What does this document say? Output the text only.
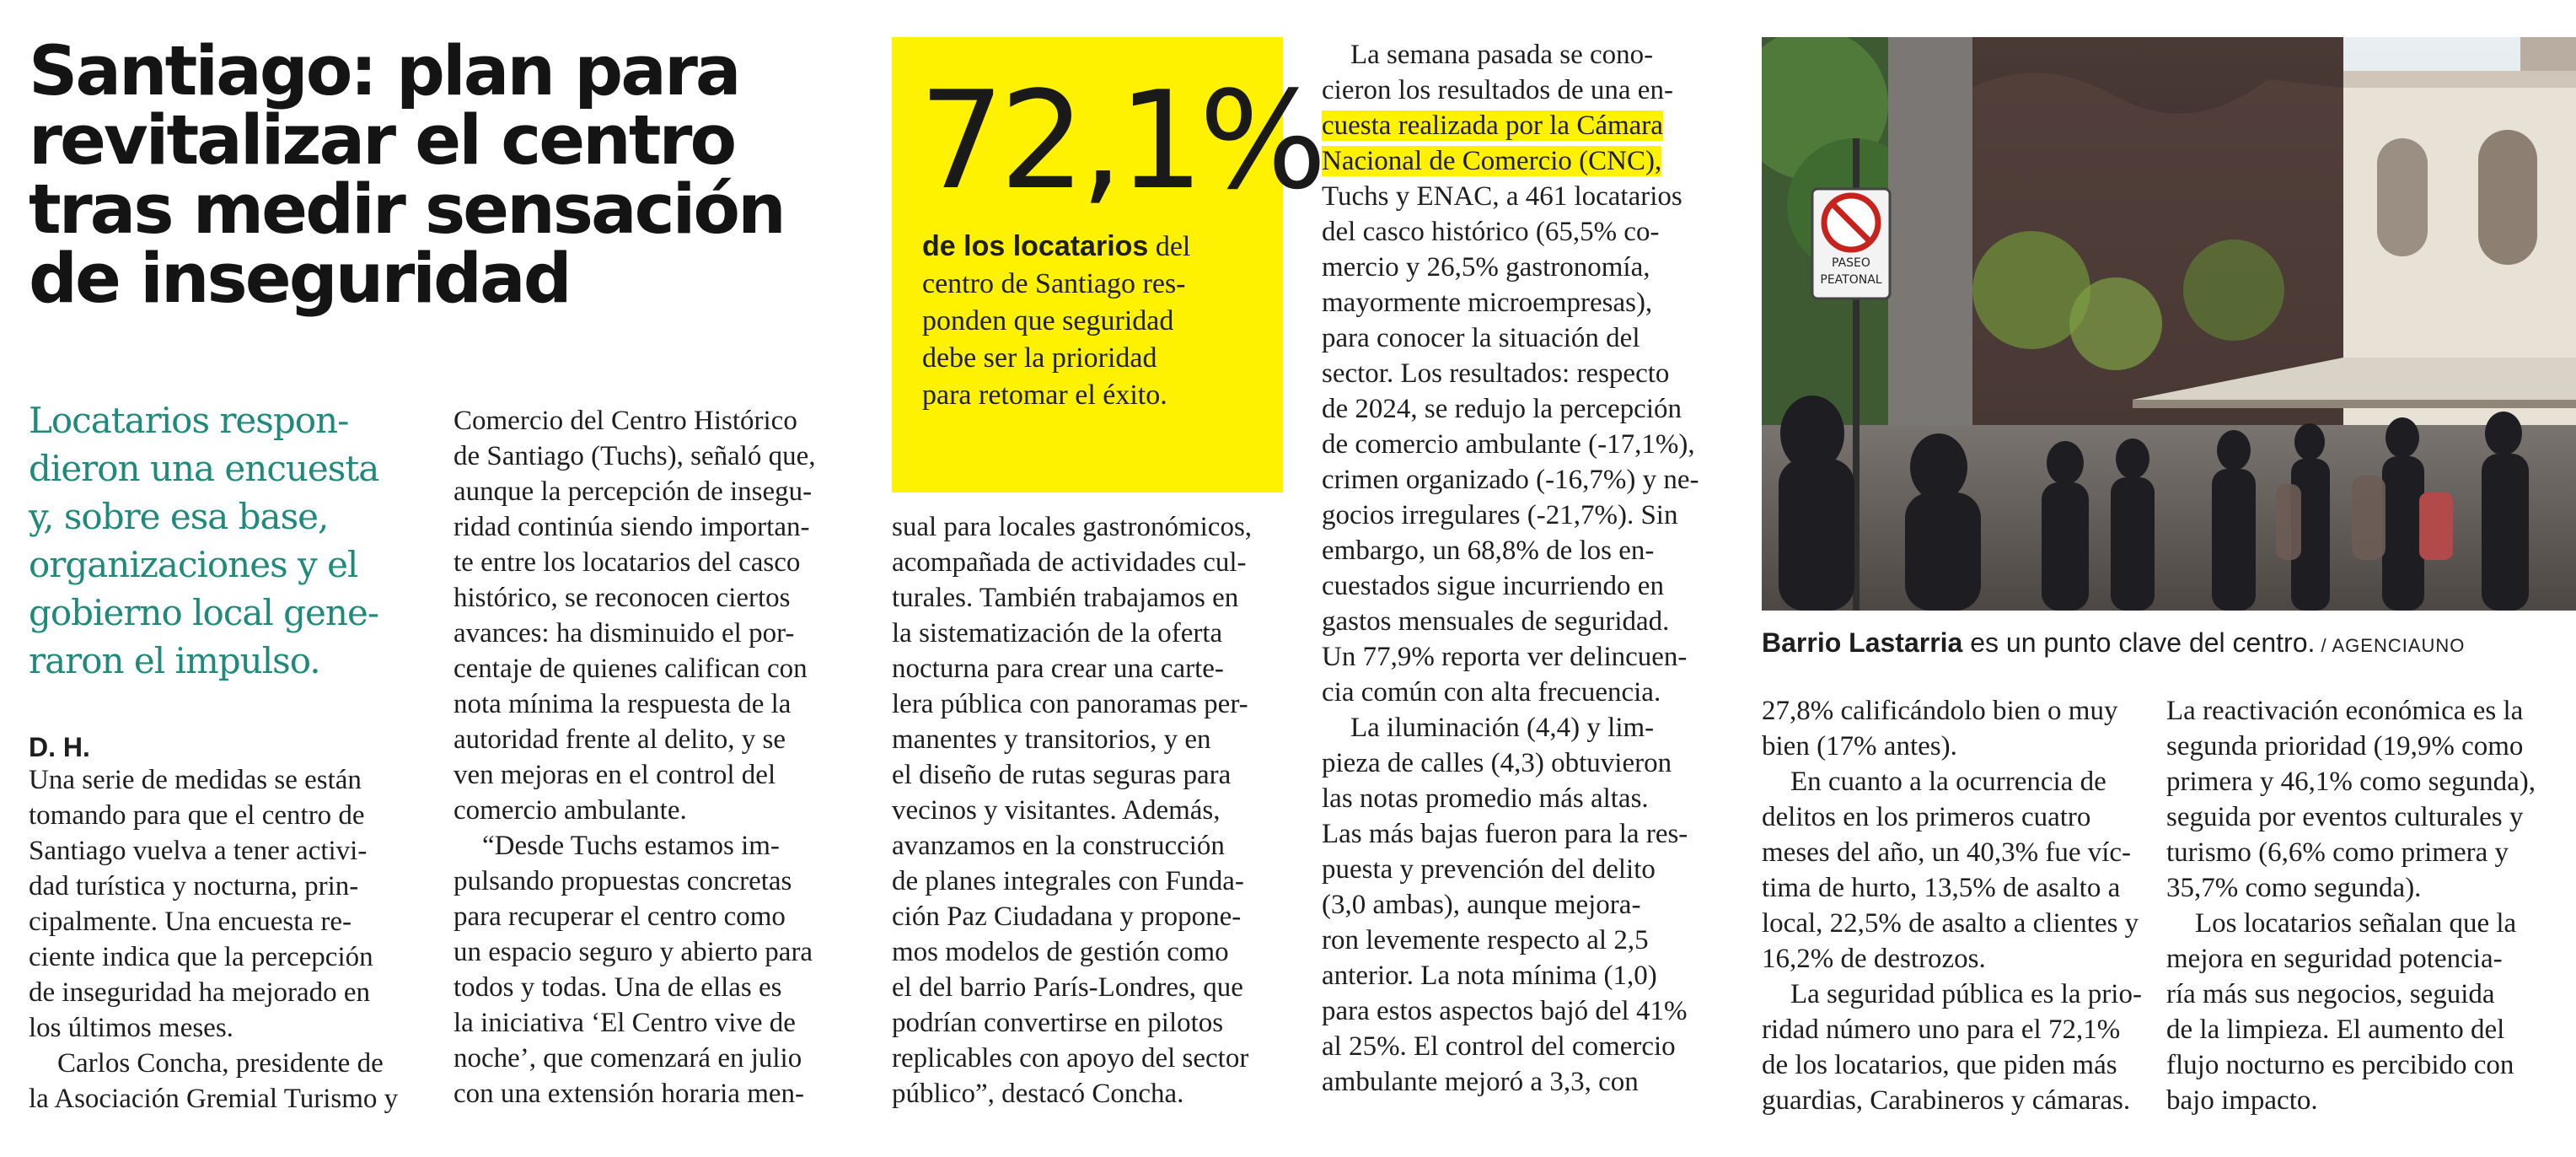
Santiago: plan para
revitalizar el centro
tras medir sensación
de inseguridad
Locatarios respon-
dieron una encuesta
y, sobre esa base,
organizaciones y el
gobierno local gene-
raron el impulso.
D. H.

Una serie de medidas se están

tomando para que el centro de

Santiago vuelva a tener activi-

dad turística y nocturna, prin-

cipalmente. Una encuesta re-

ciente indica que la percepción

de inseguridad ha mejorado en

los últimos meses.

Carlos Concha, presidente de

la Asociación Gremial Turismo y

Comercio del Centro Histórico

de Santiago (Tuchs), señaló que,

aunque la percepción de insegu-

ridad continúa siendo importan-

te entre los locatarios del casco

histórico, se reconocen ciertos

avances: ha disminuido el por-

centaje de quienes califican con

nota mínima la respuesta de la

autoridad frente al delito, y se

ven mejoras en el control del

comercio ambulante.

“Desde Tuchs estamos im-

pulsando propuestas concretas

para recuperar el centro como

un espacio seguro y abierto para

todos y todas. Una de ellas es

la iniciativa ‘El Centro vive de

noche’, que comenzará en julio

con una extensión horaria men-

72,1%
de los locatarios del
centro de Santiago res-
ponden que seguridad
debe ser la prioridad
para retomar el éxito.

sual para locales gastronómicos,

acompañada de actividades cul-

turales. También trabajamos en

la sistematización de la oferta

nocturna para crear una carte-

lera pública con panoramas per-

manentes y transitorios, y en

el diseño de rutas seguras para

vecinos y visitantes. Además,

avanzamos en la construcción

de planes integrales con Funda-

ción Paz Ciudadana y propone-

mos modelos de gestión como

el del barrio París-Londres, que

podrían convertirse en pilotos

replicables con apoyo del sector

público”, destacó Concha.

La semana pasada se cono-

cieron los resultados de una en-

cuesta realizada por la Cámara

Nacional de Comercio (CNC),

Tuchs y ENAC, a 461 locatarios

del casco histórico (65,5% co-

mercio y 26,5% gastronomía,

mayormente microempresas),

para conocer la situación del

sector. Los resultados: respecto

de 2024, se redujo la percepción

de comercio ambulante (-17,1%),

crimen organizado (-16,7%) y ne-

gocios irregulares (-21,7%). Sin

embargo, un 68,8% de los en-

cuestados sigue incurriendo en

gastos mensuales de seguridad.

Un 77,9% reporta ver delincuen-

cia común con alta frecuencia.

La iluminación (4,4) y lim-

pieza de calles (4,3) obtuvieron

las notas promedio más altas.

Las más bajas fueron para la res-

puesta y prevención del delito

(3,0 ambas), aunque mejora-

ron levemente respecto al 2,5

anterior. La nota mínima (1,0)

para estos aspectos bajó del 41%

al 25%. El control del comercio

ambulante mejoró a 3,3, con

PASEO
PEATONAL
Barrio Lastarria es un punto clave del centro. / AGENCIAUNO

27,8% calificándolo bien o muy

bien (17% antes).

En cuanto a la ocurrencia de

delitos en los primeros cuatro

meses del año, un 40,3% fue víc-

tima de hurto, 13,5% de asalto a

local, 22,5% de asalto a clientes y

16,2% de destrozos.

La seguridad pública es la prio-

ridad número uno para el 72,1%

de los locatarios, que piden más

guardias, Carabineros y cámaras.

La reactivación económica es la

segunda prioridad (19,9% como

primera y 46,1% como segunda),

seguida por eventos culturales y

turismo (6,6% como primera y

35,7% como segunda).

Los locatarios señalan que la

mejora en seguridad potencia-

ría más sus negocios, seguida

de la limpieza. El aumento del

flujo nocturno es percibido con

bajo impacto.
